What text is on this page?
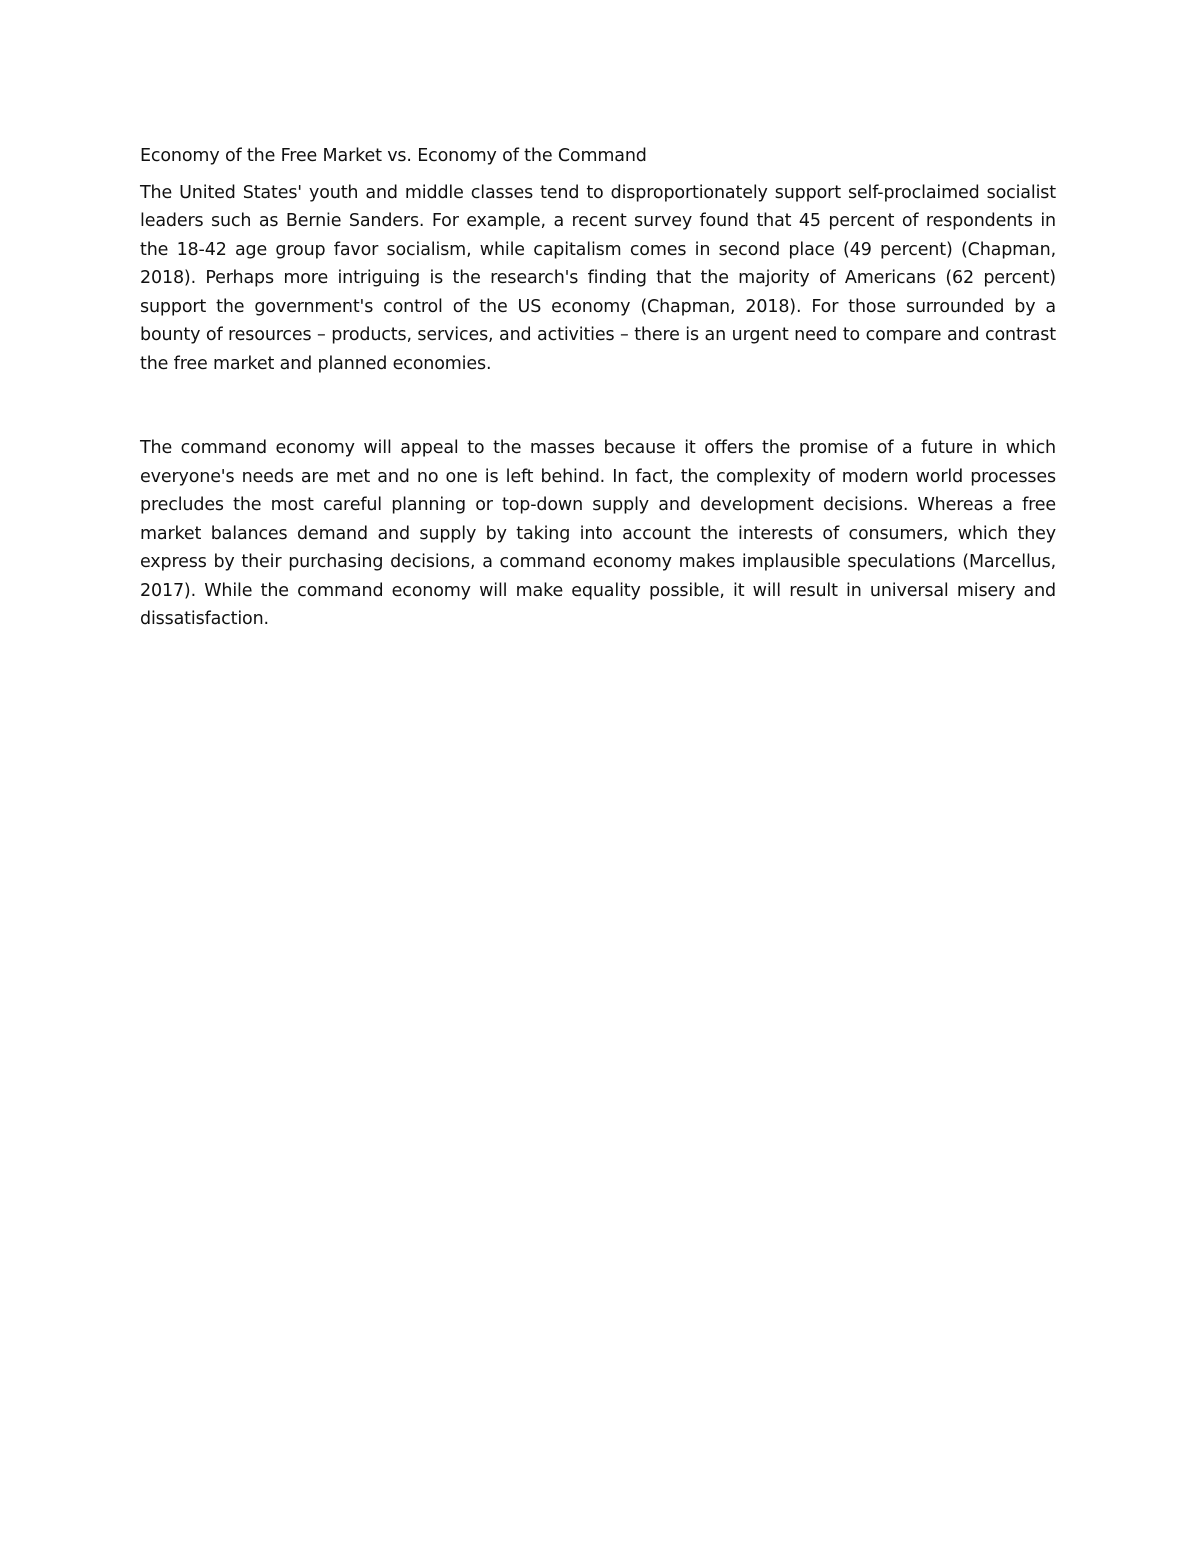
Economy of the Free Market vs. Economy of the Command

The United States' youth and middle classes tend to disproportionately support self-proclaimed socialist leaders such as Bernie Sanders. For example, a recent survey found that 45 percent of respondents in the 18-42 age group favor socialism, while capitalism comes in second place (49 percent) (Chapman, 2018). Perhaps more intriguing is the research's finding that the majority of Americans (62 percent) support the government's control of the US economy (Chapman, 2018). For those surrounded by a bounty of resources – products, services, and activities – there is an urgent need to compare and contrast the free market and planned economies.

The command economy will appeal to the masses because it offers the promise of a future in which everyone's needs are met and no one is left behind. In fact, the complexity of modern world processes precludes the most careful planning or top-down supply and development decisions. Whereas a free market balances demand and supply by taking into account the interests of consumers, which they express by their purchasing decisions, a command economy makes implausible speculations (Marcellus, 2017). While the command economy will make equality possible, it will result in universal misery and dissatisfaction.
